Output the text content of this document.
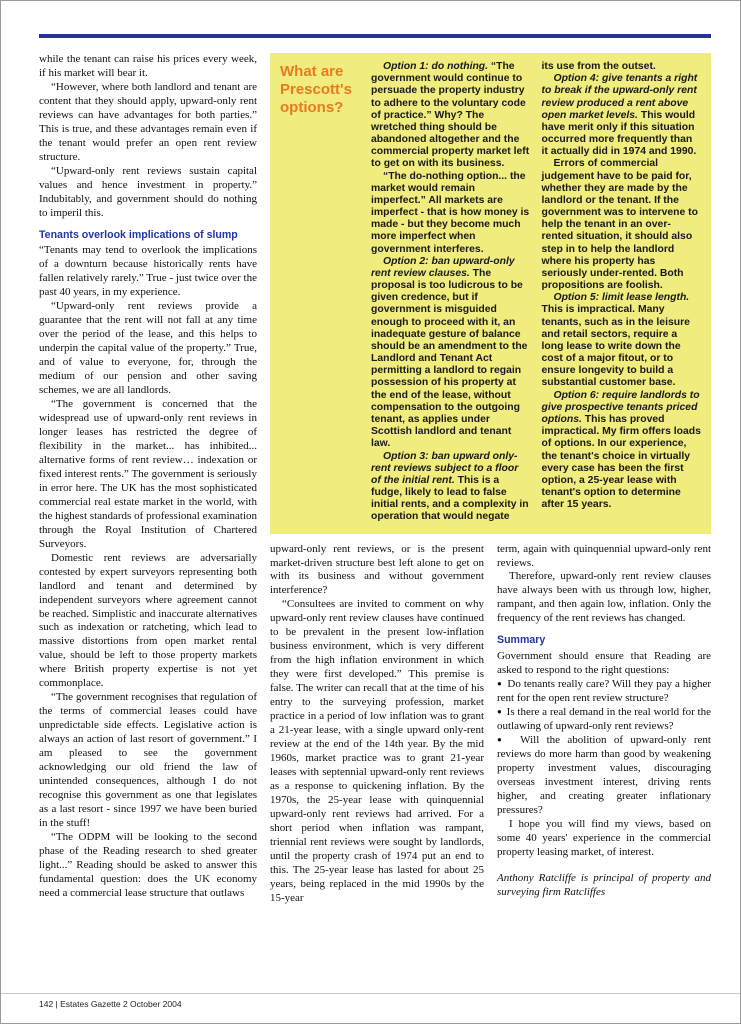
while the tenant can raise his prices every week, if his market will bear it.
“However, where both landlord and tenant are content that they should apply, upward-only rent reviews can have advantages for both parties.” This is true, and these advantages remain even if the tenant would prefer an open rent review structure.
“Upward-only rent reviews sustain capital values and hence investment in property.” Indubitably, and government should do nothing to imperil this.
Tenants overlook implications of slump
“Tenants may tend to overlook the implications of a downturn because historically rents have fallen relatively rarely.” True - just twice over the past 40 years, in my experience.
“Upward-only rent reviews provide a guarantee that the rent will not fall at any time over the period of the lease, and this helps to underpin the capital value of the property.” True, and of value to everyone, for, through the medium of our pension and other saving schemes, we are all landlords.
“The government is concerned that the widespread use of upward-only rent reviews in longer leases has restricted the degree of flexibility in the market... has inhibited... alternative forms of rent review… indexation or fixed interest rents.” The government is seriously in error here. The UK has the most sophisticated commercial real estate market in the world, with the highest standards of professional examination through the Royal Institution of Chartered Surveyors.
Domestic rent reviews are adversarially contested by expert surveyors representing both landlord and tenant and determined by independent surveyors where agreement cannot be reached. Simplistic and inaccurate alternatives such as indexation or ratcheting, which lead to massive distortions from open market rental value, should be left to those property markets where British property expertise is not yet commonplace.
“The government recognises that regulation of the terms of commercial leases could have unpredictable side effects. Legislative action is always an action of last resort of government.” I am pleased to see the government acknowledging our old friend the law of unintended consequences, although I do not recognise this government as one that legislates as a last resort - since 1997 we have been buried in the stuff!
“The ODPM will be looking to the second phase of the Reading research to shed greater light...” Reading should be asked to answer this fundamental question: does the UK economy need a commercial lease structure that outlaws
What are Prescott's options?
Option 1: do nothing. “The government would continue to persuade the property industry to adhere to the voluntary code of practice.” Why? The wretched thing should be abandoned altogether and the commercial property market left to get on with its business.
“The do-nothing option... the market would remain imperfect.” All markets are imperfect - that is how money is made - but they become much more imperfect when government interferes.
Option 2: ban upward-only rent review clauses. The proposal is too ludicrous to be given credence, but if government is misguided enough to proceed with it, an inadequate gesture of balance should be an amendment to the Landlord and Tenant Act permitting a landlord to regain possession of his property at the end of the lease, without compensation to the outgoing tenant, as applies under Scottish landlord and tenant law.
Option 3: ban upward only-rent reviews subject to a floor of the initial rent. This is a fudge, likely to lead to false initial rents, and a complexity in operation that would negate
its use from the outset.
Option 4: give tenants a right to break if the upward-only rent review produced a rent above open market levels. This would have merit only if this situation occurred more frequently than it actually did in 1974 and 1990.
Errors of commercial judgement have to be paid for, whether they are made by the landlord or the tenant. If the government was to intervene to help the tenant in an over-rented situation, it should also step in to help the landlord where his property has seriously under-rented. Both propositions are foolish.
Option 5: limit lease length. This is impractical. Many tenants, such as in the leisure and retail sectors, require a long lease to write down the cost of a major fitout, or to ensure longevity to build a substantial customer base.
Option 6: require landlords to give prospective tenants priced options. This has proved impractical. My firm offers loads of options. In our experience, the tenant's choice in virtually every case has been the first option, a 25-year lease with tenant's option to determine after 15 years.
upward-only rent reviews, or is the present market-driven structure best left alone to get on with its business and without government interference?
“Consultees are invited to comment on why upward-only rent review clauses have continued to be prevalent in the present low-inflation business environment, which is very different from the high inflation environment in which they were first developed.” This premise is false. The writer can recall that at the time of his entry to the surveying profession, market practice in a period of low inflation was to grant a 21-year lease, with a single upward only-rent review at the end of the 14th year. By the mid 1960s, market practice was to grant 21-year leases with septennial upward-only rent reviews as a response to quickening inflation. By the 1970s, the 25-year lease with quinquennial upward-only rent reviews had arrived. For a short period when inflation was rampant, triennial rent reviews were sought by landlords, until the property crash of 1974 put an end to this. The 25-year lease has lasted for about 25 years, being replaced in the mid 1990s by the 15-year
term, again with quinquennial upward-only rent reviews.
Therefore, upward-only rent review clauses have always been with us through low, higher, rampant, and then again low, inflation. Only the frequency of the rent reviews has changed.
Summary
Government should ensure that Reading are asked to respond to the right questions:
● Do tenants really care? Will they pay a higher rent for the open rent review structure?
● Is there a real demand in the real world for the outlawing of upward-only rent reviews?
● Will the abolition of upward-only rent reviews do more harm than good by weakening property investment values, discouraging overseas investment interest, driving rents higher, and creating greater inflationary pressures?
I hope you will find my views, based on some 40 years' experience in the commercial property leasing market, of interest.
Anthony Ratcliffe is principal of property and surveying firm Ratcliffes
142 | Estates Gazette 2 October 2004
